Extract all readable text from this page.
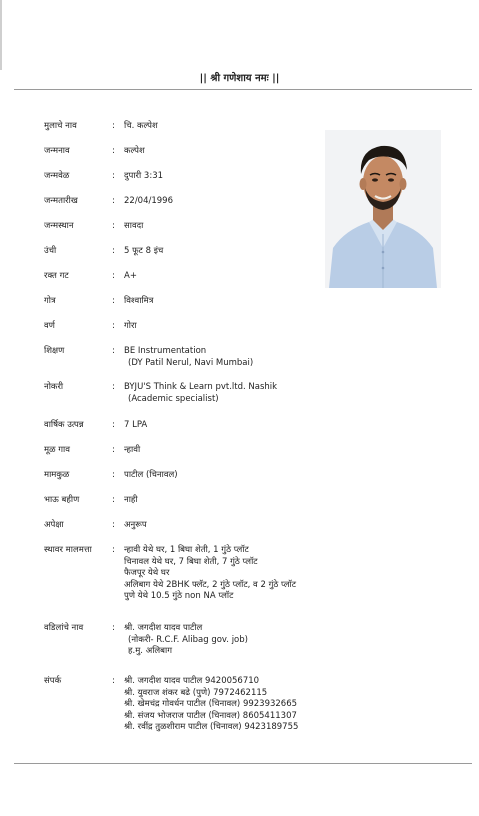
|| श्री गणेशाय नमः ||
मुलाचे नाव	:	चि. कल्पेश
जन्मनाव	:	कल्पेश
जन्मवेळ	:	दुपारी 3:31
जन्मतारीख	:	22/04/1996
जन्मस्थान	:	सावदा
उंची	:	5 फूट 8 इंच
रक्त गट	:	A+
गोत्र	:	विश्वामित्र
वर्ण	:	गोरा
शिक्षण	:	BE Instrumentation
(DY Patil Nerul, Navi Mumbai)
नोकरी	:	BYJU'S Think & Learn pvt.ltd. Nashik
(Academic specialist)
वार्षिक उत्पन्न	:	7 LPA
मूळ गाव	:	न्हावी
मामकुळ	:	पाटील (चिनावल)
भाऊ बहीण	:	नाही
अपेक्षा	:	अनुरूप
स्थावर मालमत्ता	:	न्हावी येथे घर, 1 बिघा शेती, 1 गुंठे प्लॉट
चिनावल येथे घर, 7 बिघा शेती, 7 गुंठे प्लॉट
फैजपूर येथे घर
अलिबाग येथे 2BHK फ्लॅट, 2 गुंठे प्लॉट, व 2 गुंठे प्लॉट
पुणे येथे 10.5 गुंठे non NA प्लॉट
वडिलांचे नाव	:	श्री. जगदीश यादव पाटील
(नोकरी- R.C.F. Alibag gov. job)
ह.मु. अलिबाग
संपर्क	:	श्री. जगदीश यादव पाटील 9420056710
श्री. युवराज शंकर बढे (पुणे) 7972462115
श्री. खेमचंद्र गोवर्धन पाटील (चिनावल) 9923932665
श्री. संजय भोजराज पाटील (चिनावल) 8605411307
श्री. रवींद्र तुळशीराम पाटील (चिनावल) 9423189755
